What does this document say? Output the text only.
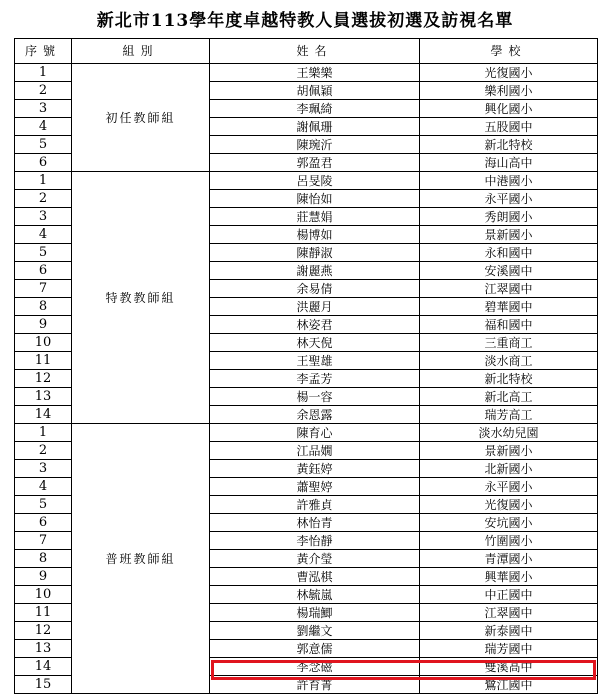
新北市113學年度卓越特教人員選拔初選及訪視名單
序號	組別	姓名	學校
1	初任教師組	王樂樂	光復國小
2		胡佩穎	樂利國小
3		李珮綺	興化國小
4		謝佩珊	五股國中
5		陳琬沂	新北特校
6		郭盈君	海山高中
1	特教教師組	呂旻陵	中港國小
2		陳怡如	永平國小
3		莊慧娟	秀朗國小
4		楊博如	景新國小
5		陳靜淑	永和國中
6		謝麗燕	安溪國中
7		余易倩	江翠國中
8		洪麗月	碧華國中
9		林姿君	福和國中
10		林天倪	三重商工
11		王聖雄	淡水商工
12		李孟芳	新北特校
13		楊一容	新北高工
14		余恩露	瑞芳高工
1	普班教師組	陳育心	淡水幼兒園
2		江品嫺	景新國小
3		黃鈺婷	北新國小
4		蕭聖婷	永平國小
5		許雅貞	光復國小
6		林怡青	安坑國小
7		李怡靜	竹圍國小
8		黃介瑩	青潭國小
9		曹泓棋	興華國小
10		林毓嵐	中正國中
11		楊瑞鯽	江翠國中
12		劉繼文	新泰國中
13		郭意儒	瑞芳國中
14		李念磁	雙溪高中
15		許育菁	鷺江國中
